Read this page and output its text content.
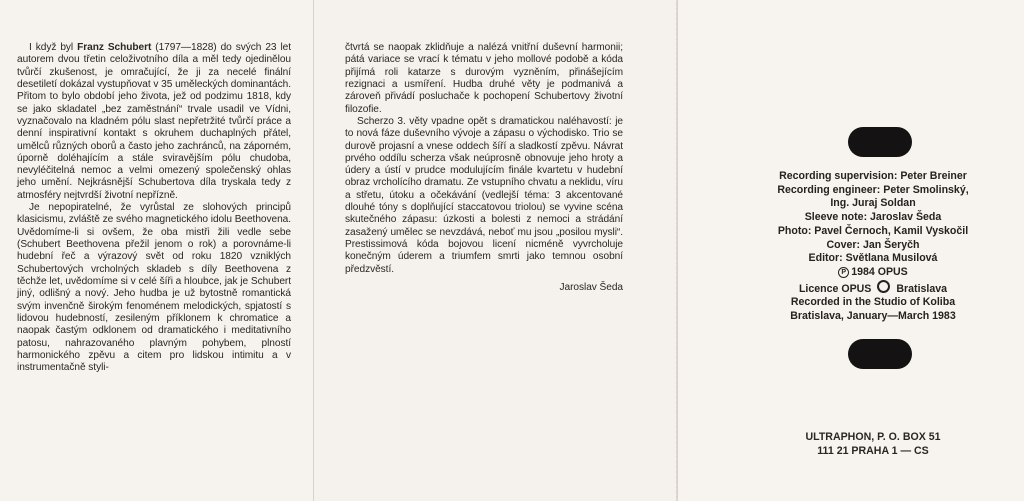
I když byl Franz Schubert (1797—1828) do svých 23 let autorem dvou třetin celoživotního díla a měl tedy ojedinělou tvůrčí zkušenost, je omračující, že ji za necelé finální desetiletí dokázal vystupňovat v 35 uměleckých dominantách. Přitom to bylo období jeho života, jež od podzimu 1818, kdy se jako skladatel „bez zaměstnání“ trvale usadil ve Vídni, vyznačovalo na kladném pólu slast nepřetržité tvůrčí práce a denní inspirativní kontakt s okruhem duchaplných přátel, umělců různých oborů a často jeho zachránců, na záporném, úporně doléhajícím a stále sviravějším pólu chudoba, nevyléčitelná nemoc a velmi omezený společenský ohlas jeho umění. Nejkrásnější Schubertova díla tryskala tedy z atmosféry nejtvrdší životní nepřízně.

Je nepopiratelné, že vyrůstal ze slohových principů klasicismu, zvláště ze svého magnetického idolu Beethovena. Uvědomíme-li si ovšem, že oba mistři žili vedle sebe (Schubert Beethovena přežil jenom o rok) a porovnáme-li hudební řeč a výrazový svět od roku 1820 vzniklých Schubertových vrcholných skladeb s díly Beethovena z těchže let, uvědomíme si v celé šíři a hloubce, jak je Schubert jiný, odlišný a nový. Jeho hudba je už bytostně romantická svým invenčně širokým fenoménem melodických, spjatostí s lidovou hudebností, zesileným příklonem k chromatice a naopak častým odklonem od dramatického i meditativního patosu, nahrazovaného plavným pohybem, plností harmonického zpěvu a citem pro lidskou intimitu a v instrumentačně styli-

čtvrtá se naopak zklidňuje a nalézá vnitřní duševní harmonii; pátá variace se vrací k tématu v jeho mollové podobě a kóda přijímá roli katarze s durovým vyzněním, přinášejícím rezignaci a usmíření. Hudba druhé věty je podmanivá a zároveň přivádí posluchače k pochopení Schubertovy životní filozofie.

Scherzo 3. věty vpadne opět s dramatickou naléhavostí: je to nová fáze duševního vývoje a zápasu o východisko. Trio se durově projasní a vnese oddech šíří a sladkostí zpěvu. Návrat prvého oddílu scherza však neúprosně obnovuje jeho hroty a údery a ústí v prudce modulujícím finále kvartetu v hudební obraz vrcholícího dramatu. Ze vstupního chvatu a neklidu, víru a střetu, útoku a očekávání (vedlejší téma: 3 akcentované dlouhé tóny s doplňující staccatovou triolou) se vyvine scéna skutečného zápasu: úzkosti a bolesti z nemoci a strádání zasažený umělec se nevzdává, neboť mu jsou „posilou mysli“. Prestissimová kóda bojovou licení nicméně vyvrcholuje konečným úderem a triumfem smrti jako temnou osobní předzvěstí.

Jaroslav Šeda

Recording supervision: Peter Breiner
Recording engineer: Peter Smolinský,
Ing. Juraj Soldan
Sleeve note: Jaroslav Šeda
Photo: Pavel Černoch, Kamil Vyskočil
Cover: Jan Šeryčh
Editor: Světlana Musilová
P 1984 OPUS
Licence OPUS Bratislava
Recorded in the Studio of Koliba
Bratislava, January—March 1983
ULTRAPHON, P. O. BOX 51
111 21 PRAHA 1 — CS
